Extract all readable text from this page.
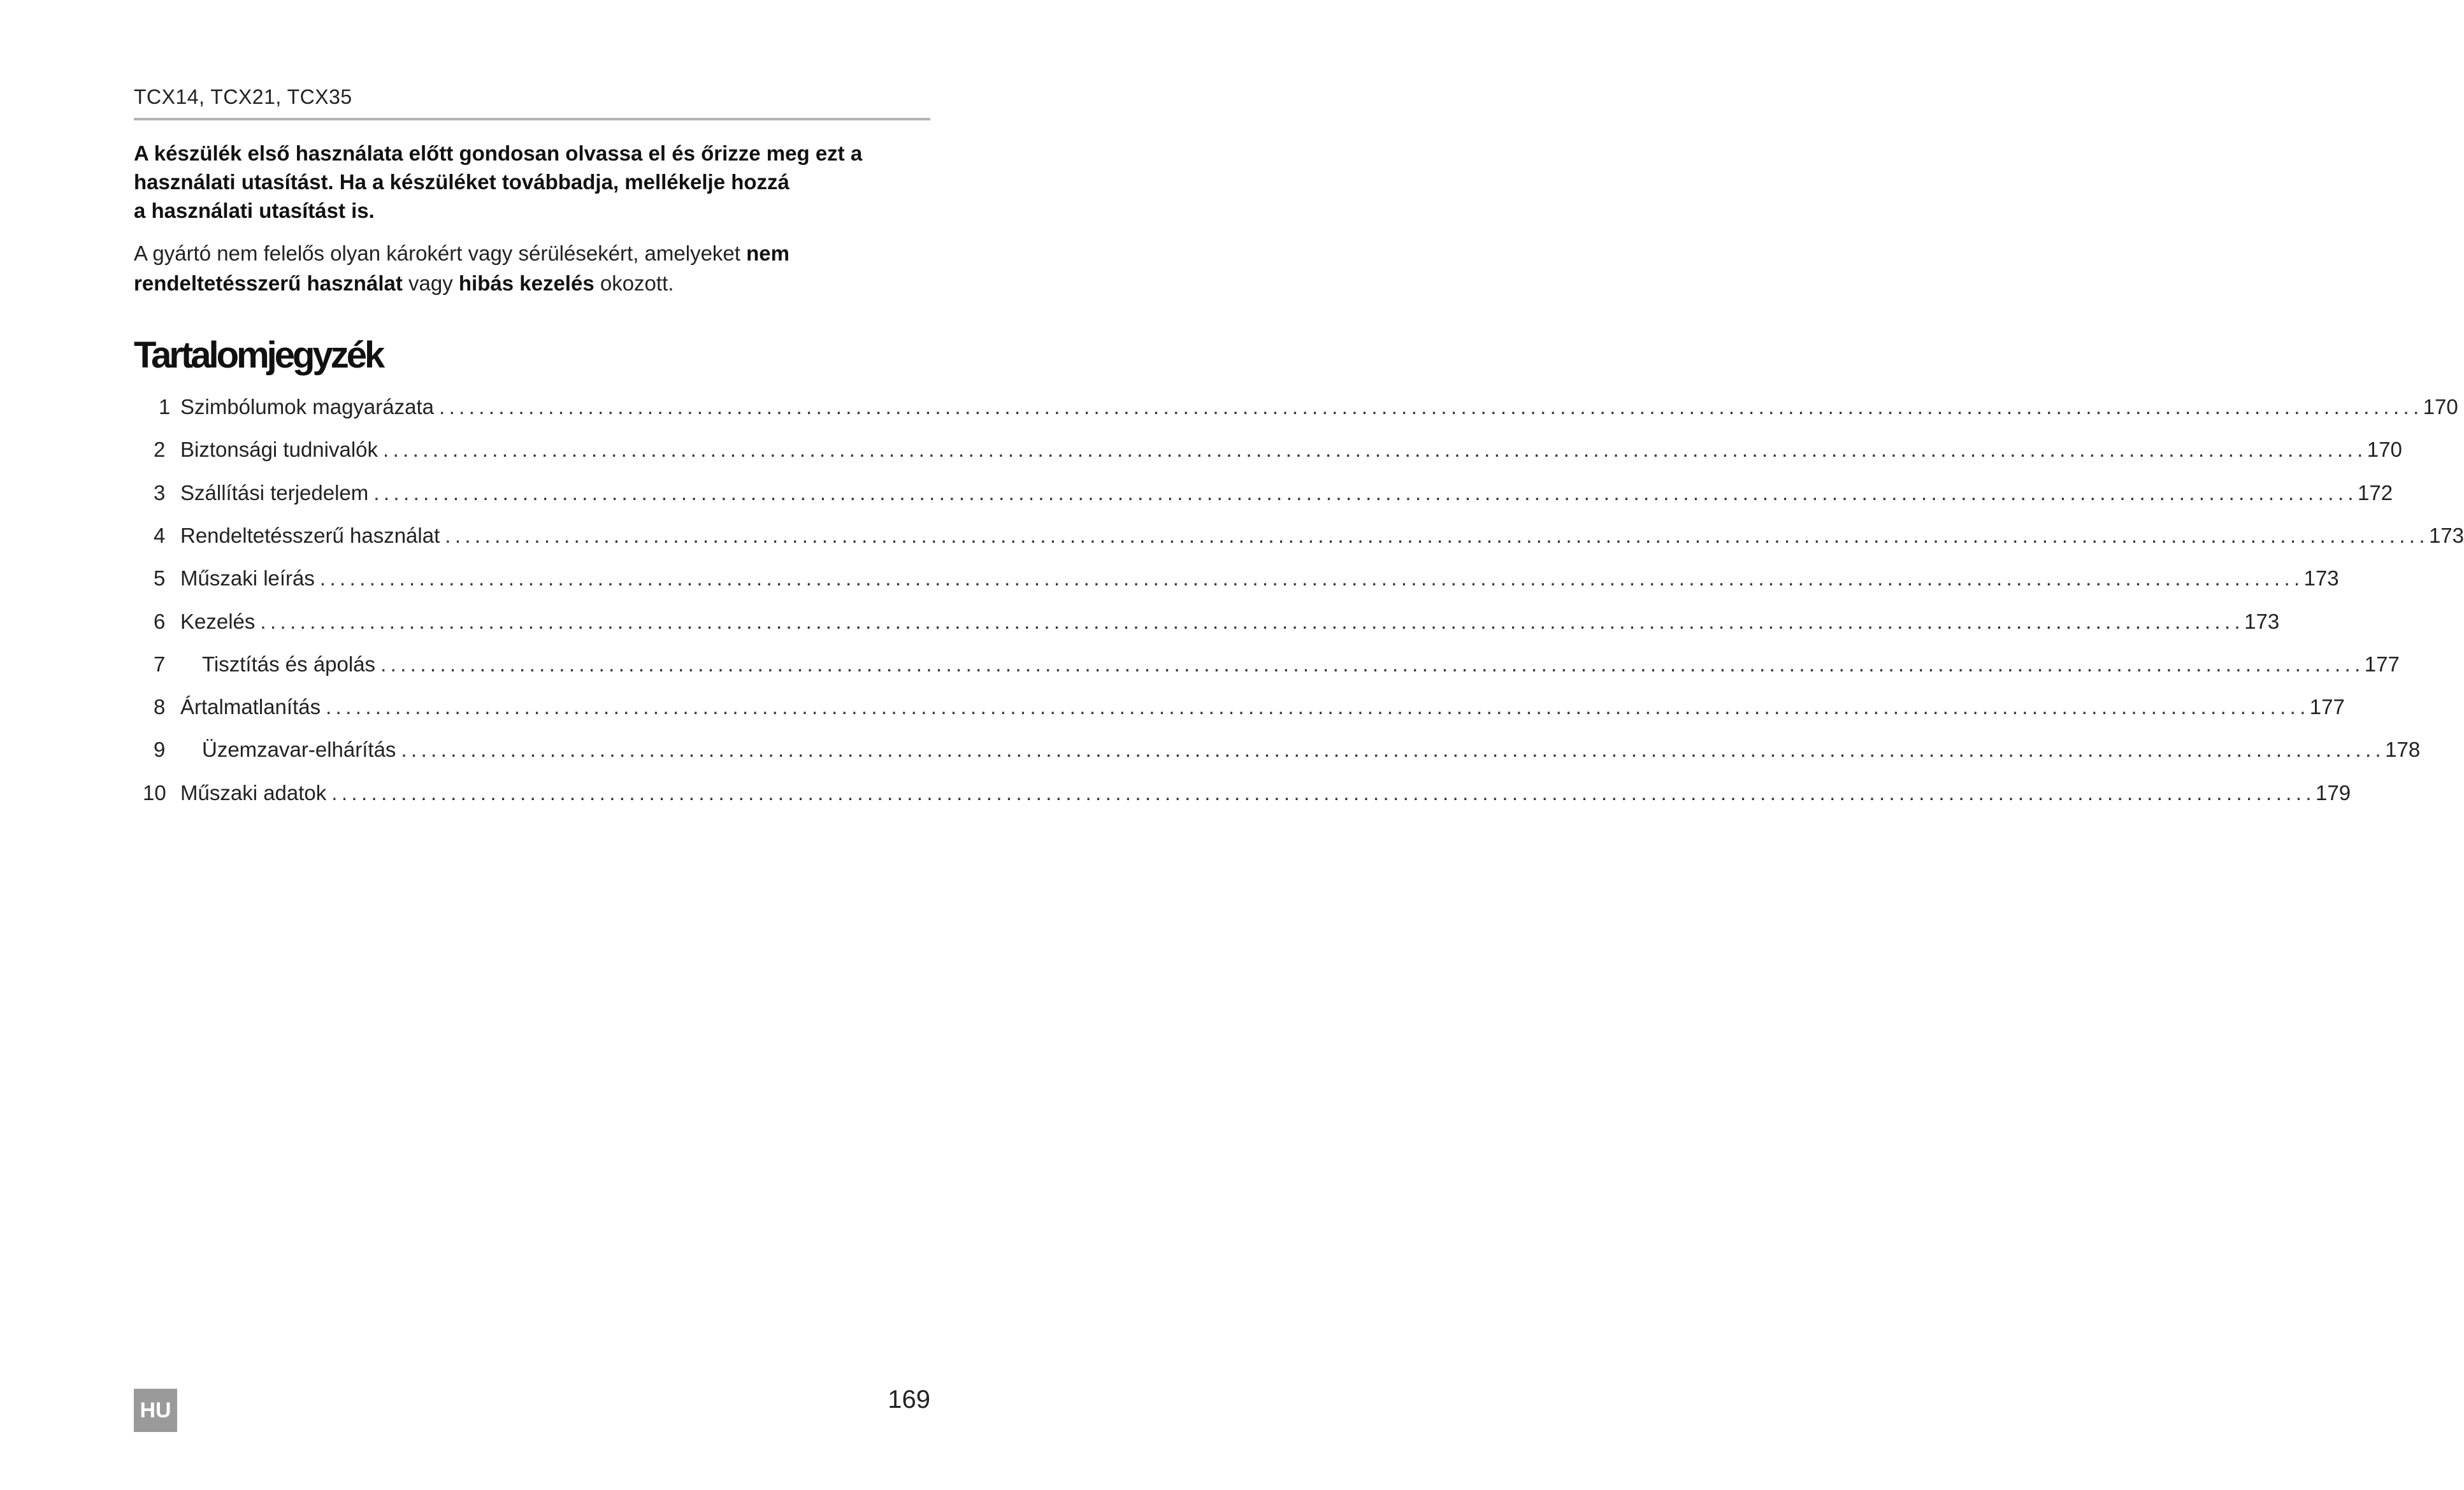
TCX14, TCX21, TCX35
A készülék első használata előtt gondosan olvassa el és őrizze meg ezt a
használati utasítást. Ha a készüléket továbbadja, mellékelje hozzá
a használati utasítást is.
A gyártó nem felelős olyan károkért vagy sérülésekért, amelyeket nem
rendeltetésszerű használat vagy hibás kezelés okozott.
Tartalomjegyzék
1 Szimbólumok magyarázata ........................................................................................................................................................................................................ 170
2 Biztonsági tudnivalók ........................................................................................................................................................................................................ 170
3 Szállítási terjedelem ........................................................................................................................................................................................................ 172
4 Rendeltetésszerű használat ........................................................................................................................................................................................................ 173
5 Műszaki leírás ........................................................................................................................................................................................................ 173
6 Kezelés ........................................................................................................................................................................................................ 173
7	Tisztítás és ápolás ........................................................................................................................................................................................................ 177
8 Ártalmatlanítás ........................................................................................................................................................................................................ 177
9	Üzemzavar-elhárítás ........................................................................................................................................................................................................ 178
10 Műszaki adatok ........................................................................................................................................................................................................ 179
HU	169
